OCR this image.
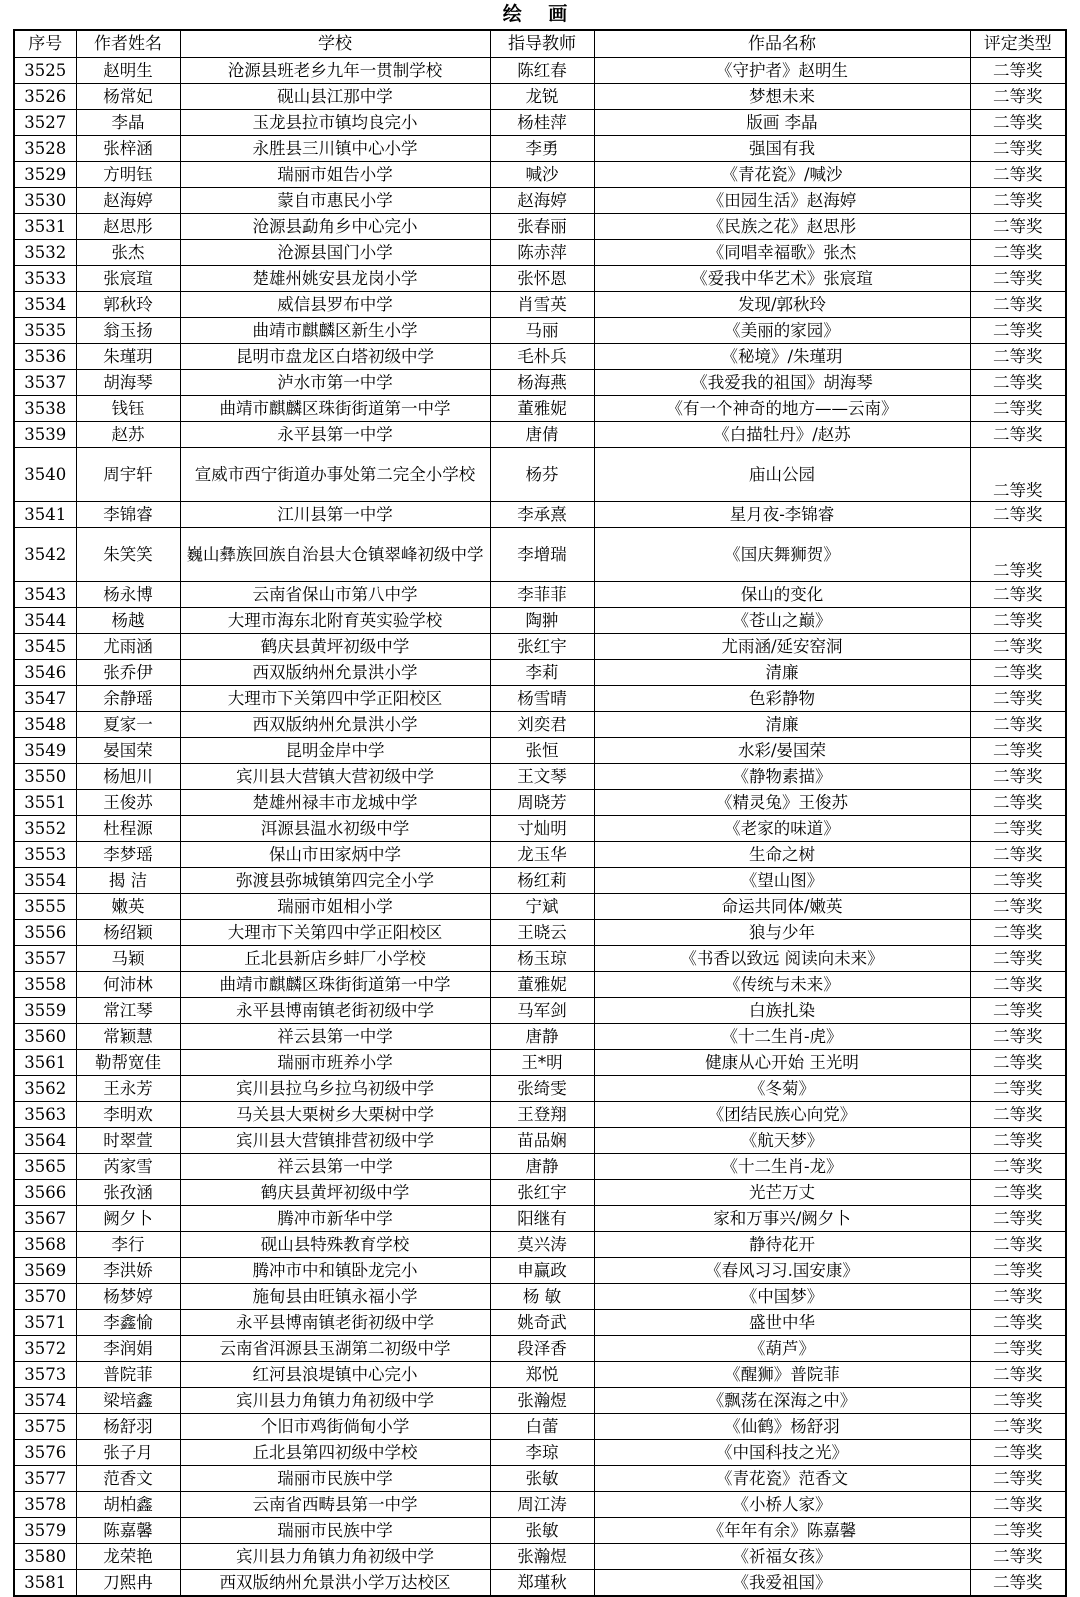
绘 画
序号	作者姓名	学校	指导教师	作品名称	评定类型
3525	赵明生	沧源县班老乡九年一贯制学校	陈红春	《守护者》赵明生	二等奖
3526	杨常妃	砚山县江那中学	龙锐	梦想未来	二等奖
3527	李晶	玉龙县拉市镇均良完小	杨桂萍	版画 李晶	二等奖
3528	张梓涵	永胜县三川镇中心小学	李勇	强国有我	二等奖
3529	方明钰	瑞丽市姐告小学	喊沙	《青花瓷》/喊沙	二等奖
3530	赵海婷	蒙自市惠民小学	赵海婷	《田园生活》赵海婷	二等奖
3531	赵思彤	沧源县勐角乡中心完小	张春丽	《民族之花》赵思彤	二等奖
3532	张杰	沧源县国门小学	陈赤萍	《同唱幸福歌》张杰	二等奖
3533	张宸瑄	楚雄州姚安县龙岗小学	张怀恩	《爱我中华艺术》张宸瑄	二等奖
3534	郭秋玲	威信县罗布中学	肖雪英	发现/郭秋玲	二等奖
3535	翁玉扬	曲靖市麒麟区新生小学	马丽	《美丽的家园》	二等奖
3536	朱瑾玥	昆明市盘龙区白塔初级中学	毛朴兵	《秘境》/朱瑾玥	二等奖
3537	胡海琴	泸水市第一中学	杨海燕	《我爱我的祖国》胡海琴	二等奖
3538	钱钰	曲靖市麒麟区珠街街道第一中学	董雅妮	《有一个神奇的地方——云南》	二等奖
3539	赵苏	永平县第一中学	唐倩	《白描牡丹》/赵苏	二等奖
3540	周宇轩	宣威市西宁街道办事处第二完全小学校	杨芬	庙山公园	二等奖
3541	李锦睿	江川县第一中学	李承熹	星月夜-李锦睿	二等奖
3542	朱笑笑	巍山彝族回族自治县大仓镇翠峰初级中学	李增瑞	《国庆舞狮贺》	二等奖
3543	杨永博	云南省保山市第八中学	李菲菲	保山的变化	二等奖
3544	杨越	大理市海东北附育英实验学校	陶翀	《苍山之巅》	二等奖
3545	尤雨涵	鹤庆县黄坪初级中学	张红宇	尤雨涵/延安窑洞	二等奖
3546	张乔伊	西双版纳州允景洪小学	李莉	清廉	二等奖
3547	余静瑶	大理市下关第四中学正阳校区	杨雪晴	色彩静物	二等奖
3548	夏家一	西双版纳州允景洪小学	刘奕君	清廉	二等奖
3549	晏国荣	昆明金岸中学	张恒	水彩/晏国荣	二等奖
3550	杨旭川	宾川县大营镇大营初级中学	王文琴	《静物素描》	二等奖
3551	王俊苏	楚雄州禄丰市龙城中学	周晓芳	《精灵兔》王俊苏	二等奖
3552	杜程源	洱源县温水初级中学	寸灿明	《老家的味道》	二等奖
3553	李梦瑶	保山市田家炳中学	龙玉华	生命之树	二等奖
3554	揭 洁	弥渡县弥城镇第四完全小学	杨红莉	《望山图》	二等奖
3555	嫩英	瑞丽市姐相小学	宁斌	命运共同体/嫩英	二等奖
3556	杨绍颖	大理市下关第四中学正阳校区	王晓云	狼与少年	二等奖
3557	马颖	丘北县新店乡蚌厂小学校	杨玉琼	《书香以致远 阅读向未来》	二等奖
3558	何沛林	曲靖市麒麟区珠街街道第一中学	董雅妮	《传统与未来》	二等奖
3559	常江琴	永平县博南镇老街初级中学	马军剑	白族扎染	二等奖
3560	常颖慧	祥云县第一中学	唐静	《十二生肖-虎》	二等奖
3561	勒帮宽佳	瑞丽市班养小学	王*明	健康从心开始 王光明	二等奖
3562	王永芳	宾川县拉乌乡拉乌初级中学	张绮雯	《冬菊》	二等奖
3563	李明欢	马关县大栗树乡大栗树中学	王登翔	《团结民族心向党》	二等奖
3564	时翠萱	宾川县大营镇排营初级中学	苗品娴	《航天梦》	二等奖
3565	芮家雪	祥云县第一中学	唐静	《十二生肖-龙》	二等奖
3566	张孜涵	鹤庆县黄坪初级中学	张红宇	光芒万丈	二等奖
3567	阙夕卜	腾冲市新华中学	阳继有	家和万事兴/阙夕卜	二等奖
3568	李行	砚山县特殊教育学校	莫兴涛	静待花开	二等奖
3569	李洪娇	腾冲市中和镇卧龙完小	申赢政	《春风习习.国安康》	二等奖
3570	杨梦婷	施甸县由旺镇永福小学	杨 敏	《中国梦》	二等奖
3571	李鑫愉	永平县博南镇老街初级中学	姚奇武	盛世中华	二等奖
3572	李润娟	云南省洱源县玉湖第二初级中学	段泽香	《葫芦》	二等奖
3573	普院菲	红河县浪堤镇中心完小	郑悦	《醒狮》普院菲	二等奖
3574	梁培鑫	宾川县力角镇力角初级中学	张瀚煜	《飘荡在深海之中》	二等奖
3575	杨舒羽	个旧市鸡街倘甸小学	白蕾	《仙鹤》杨舒羽	二等奖
3576	张子月	丘北县第四初级中学校	李琼	《中国科技之光》	二等奖
3577	范香文	瑞丽市民族中学	张敏	《青花瓷》范香文	二等奖
3578	胡柏鑫	云南省西畴县第一中学	周江涛	《小桥人家》	二等奖
3579	陈嘉馨	瑞丽市民族中学	张敏	《年年有余》陈嘉馨	二等奖
3580	龙荣艳	宾川县力角镇力角初级中学	张瀚煜	《祈福女孩》	二等奖
3581	刀熙冉	西双版纳州允景洪小学万达校区	郑瑾秋	《我爱祖国》	二等奖
